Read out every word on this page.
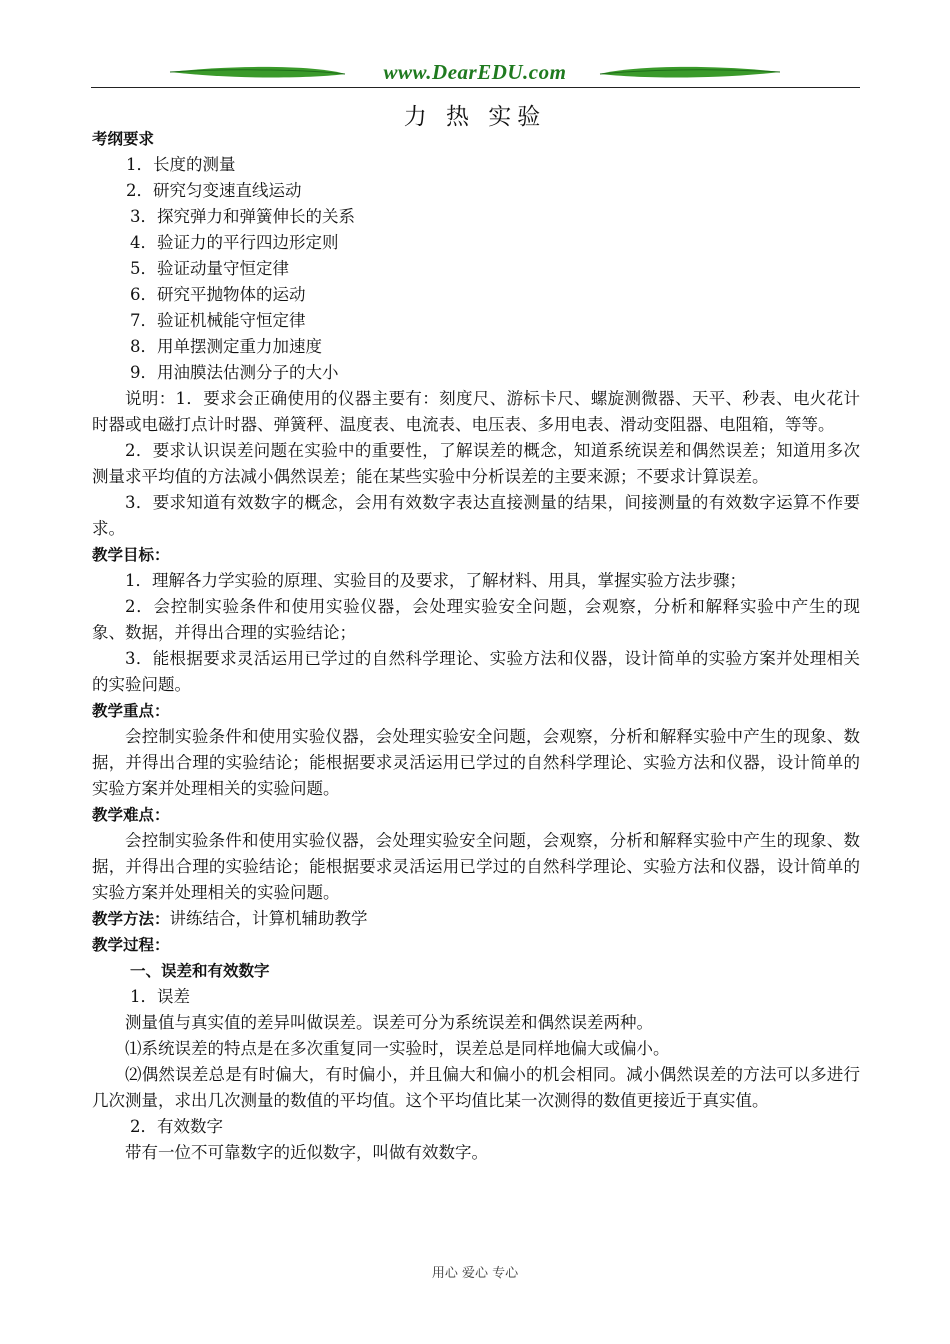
www.DearEDU.com
力 热 实验
考纲要求
1．长度的测量
2．研究匀变速直线运动
3．探究弹力和弹簧伸长的关系
4．验证力的平行四边形定则
5．验证动量守恒定律
6．研究平抛物体的运动
7．验证机械能守恒定律
8．用单摆测定重力加速度
9．用油膜法估测分子的大小

说明：1．要求会正确使用的仪器主要有：刻度尺、游标卡尺、螺旋测微器、天平、秒表、电火花计时器或电磁打点计时器、弹簧秤、温度表、电流表、电压表、多用电表、滑动变阻器、电阻箱，等等。

2．要求认识误差问题在实验中的重要性，了解误差的概念，知道系统误差和偶然误差；知道用多次测量求平均值的方法减小偶然误差；能在某些实验中分析误差的主要来源；不要求计算误差。

3．要求知道有效数字的概念，会用有效数字表达直接测量的结果，间接测量的有效数字运算不作要求。

教学目标：

1．理解各力学实验的原理、实验目的及要求，了解材料、用具，掌握实验方法步骤；

2．会控制实验条件和使用实验仪器，会处理实验安全问题，会观察，分析和解释实验中产生的现象、数据，并得出合理的实验结论；

3．能根据要求灵活运用已学过的自然科学理论、实验方法和仪器，设计简单的实验方案并处理相关的实验问题。

教学重点：

会控制实验条件和使用实验仪器，会处理实验安全问题，会观察，分析和解释实验中产生的现象、数据，并得出合理的实验结论；能根据要求灵活运用已学过的自然科学理论、实验方法和仪器，设计简单的实验方案并处理相关的实验问题。

教学难点：

会控制实验条件和使用实验仪器，会处理实验安全问题，会观察，分析和解释实验中产生的现象、数据，并得出合理的实验结论；能根据要求灵活运用已学过的自然科学理论、实验方法和仪器，设计简单的实验方案并处理相关的实验问题。

教学方法：讲练结合，计算机辅助教学
教学过程：
一、误差和有效数字
1．误差

测量值与真实值的差异叫做误差。误差可分为系统误差和偶然误差两种。

⑴系统误差的特点是在多次重复同一实验时，误差总是同样地偏大或偏小。

⑵偶然误差总是有时偏大，有时偏小，并且偏大和偏小的机会相同。减小偶然误差的方法可以多进行几次测量，求出几次测量的数值的平均值。这个平均值比某一次测得的数值更接近于真实值。

2．有效数字

带有一位不可靠数字的近似数字，叫做有效数字。

用心 爱心 专心
